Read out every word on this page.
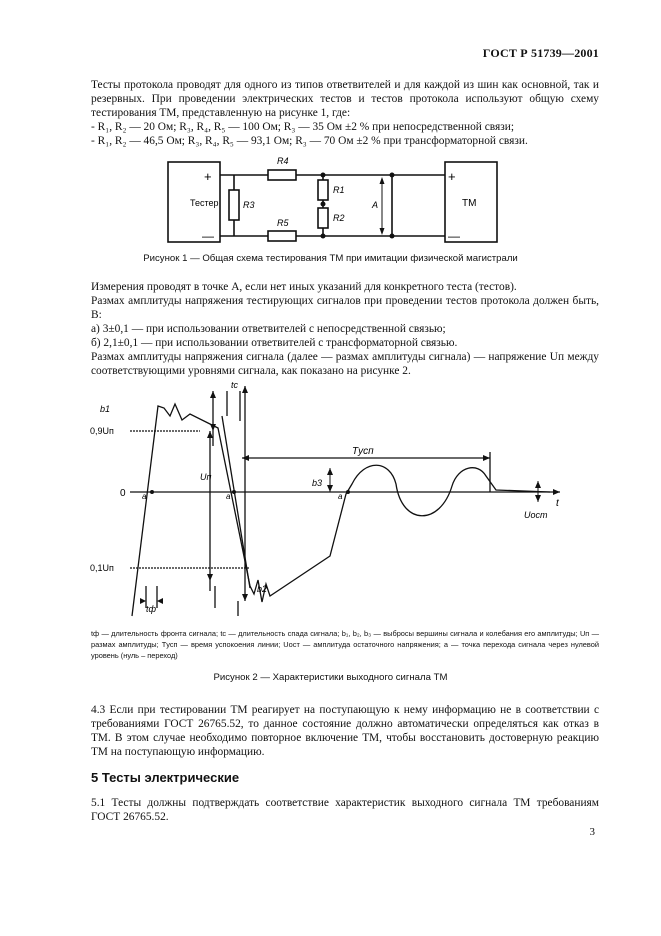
ГОСТ Р 51739—2001

Тесты протокола проводят для одного из типов ответвителей и для каждой из шин как основной, так и резервных. При проведении электрических тестов и тестов протокола используют общую схему тестирования ТМ, представленную на рисунке 1, где:

- R₁, R₂ — 20 Ом; R₃, R₄, R₅ — 100 Ом; R₃ — 35 Ом ±2 % при непосредственной связи;

- R₁, R₂ — 46,5 Ом; R₃, R₄, R₅ — 93,1 Ом; R₃ — 70 Ом ±2 % при трансформаторной связи.

Тестер	ТМ
+
—
+
—
R4
R3
R5
R1
R2
A
Рисунок 1 — Общая схема тестирования ТМ при имитации физической магистрали

Измерения проводят в точке А, если нет иных указаний для конкретного теста (тестов).

Размах амплитуды напряжения тестирующих сигналов при проведении тестов протокола должен быть, В:

а) 3±0,1 — при использовании ответвителей с непосредственной связью;

б) 2,1±0,1 — при использовании ответвителей с трансформаторной связью.

Размах амплитуды напряжения сигнала (далее — размах амплитуды сигнала) — напряжение Uп между соответствующими уровнями сигнала, как показано на рисунке 2.

b1
b2
b3
tc
tф
Tусп
Uп
Uост
0,9Uп
0
0,1Uп
a	a	a
t
tф — длительность фронта сигнала; tс — длительность спада сигнала; b₁, b₂, b₃ — выбросы вершины сигнала и колебания его амплитуды; Uп — размах амплитуды; Tусп — время успокоения линии; Uост — амплитуда остаточного напряжения; а — точка перехода сигнала через нулевой уровень (нуль – переход)
Рисунок 2 — Характеристики выходного сигнала ТМ

4.3 Если при тестировании ТМ реагирует на поступающую к нему информацию не в соответствии с требованиями ГОСТ 26765.52, то данное состояние должно автоматически определяться как отказ в ТМ. В этом случае необходимо повторное включение ТМ, чтобы восстановить достоверную реакцию ТМ на поступающую информацию.

5 Тесты электрические

5.1 Тесты должны подтверждать соответствие характеристик выходного сигнала ТМ требованиям ГОСТ 26765.52.

3
